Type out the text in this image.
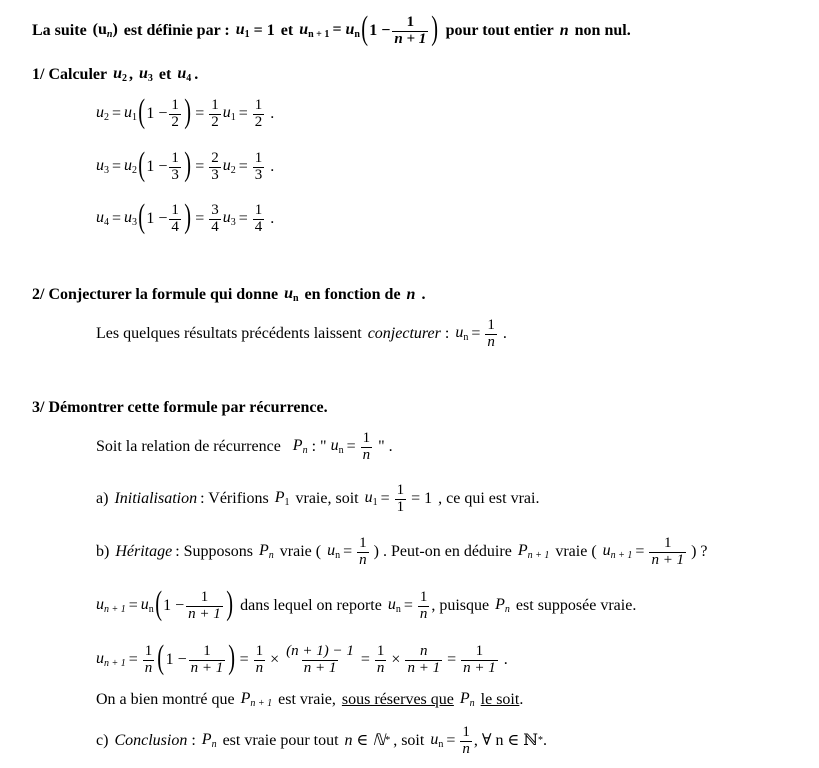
La suite $(u_n)$ est définie par : $u_1 = 1$ et $u_{n + 1} = u_n$ ( $1 - \frac{1}{n + 1}$ ) pour tout entier n non nul.
1/ Calculer $u_2$ , $u_3$ et $u_4$ .
$u_2 = u_1$ ( $1 - \frac{1}{2}$ ) = $\frac{1}{2} u_1 = \frac{1}{2}$ .
$u_3 = u_2$ ( $1 - \frac{1}{3}$ ) = $\frac{2}{3} u_2 = \frac{1}{3}$ .
$u_4 = u_3$ ( $1 - \frac{1}{4}$ ) = $\frac{3}{4} u_3 = \frac{1}{4}$ .
2/ Conjecturer la formule qui donne $u_n$ en fonction de n .
Les quelques résultats précédents laissent conjecturer : $u_n = \frac{1}{n}$ .
3/ Démontrer cette formule par récurrence.
Soit la relation de récurrence $P_n$ : " $u_n = \frac{1}{n}$ " .
a) Initialisation : Vérifions $P_1$ vraie, soit $u_1 = \frac{1}{1} = 1$ , ce qui est vrai.
b) Héritage : Supposons $P_n$ vraie ( $u_n = \frac{1}{n}$ ) . Peut-on en déduire $P_{n + 1}$ vraie ( $u_{n + 1} = \frac{1}{n + 1}$ ) ?
$u_{n + 1} = u_n$ ( $1 - \frac{1}{n + 1}$ ) dans lequel on reporte $u_n = \frac{1}{n}$ , puisque $P_n$ est supposée vraie.
$u_{n + 1} = \frac{1}{n}$ ( $1 - \frac{1}{n + 1}$ ) = $\frac{1}{n} \times \frac{(n + 1) - 1}{n + 1} = \frac{1}{n} \times \frac{n}{n + 1} = \frac{1}{n + 1}$ .
On a bien montré que $P_{n + 1}$ est vraie, sous réserves que $P_n$ le soit .
c) Conclusion : $P_n$ est vraie pour tout n ∈ ℕ * , soit $u_n = \frac{1}{n}$ , ∀ n ∈ ℕ * .
